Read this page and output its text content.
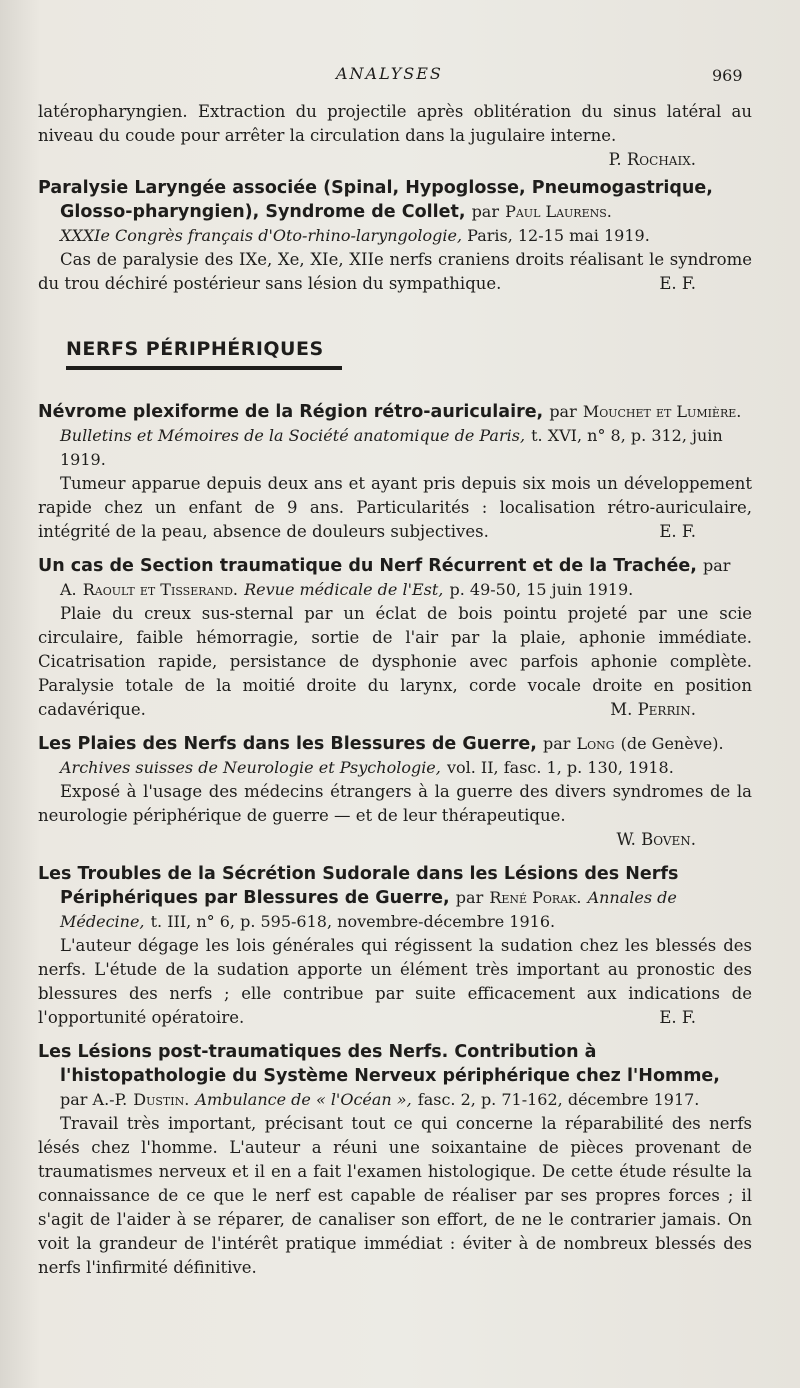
ANALYSES	969

latéropharyngien. Extraction du projectile après oblitération du sinus latéral au niveau du coude pour arrêter la circulation dans la jugulaire interne.

P. Rochaix.
Paralysie Laryngée associée (Spinal, Hypoglosse, Pneumogastrique, Glosso-pharyngien), Syndrome de Collet, par Paul Laurens.
XXXIe Congrès français d'Oto-rhino-laryngologie, Paris, 12-15 mai 1919.

Cas de paralysie des IXe, Xe, XIe, XIIe nerfs craniens droits réalisant le syndrome du trou déchiré postérieur sans lésion du sympathique.	E. F.

NERFS PÉRIPHÉRIQUES
Névrome plexiforme de la Région rétro-auriculaire, par Mouchet et Lumière. Bulletins et Mémoires de la Société anatomique de Paris, t. XVI, n° 8, p. 312, juin 1919.

Tumeur apparue depuis deux ans et ayant pris depuis six mois un développement rapide chez un enfant de 9 ans. Particularités : localisation rétro-auriculaire, intégrité de la peau, absence de douleurs subjectives.	E. F.

Un cas de Section traumatique du Nerf Récurrent et de la Trachée, par A. Raoult et Tisserand. Revue médicale de l'Est, p. 49-50, 15 juin 1919.

Plaie du creux sus-sternal par un éclat de bois pointu projeté par une scie circulaire, faible hémorragie, sortie de l'air par la plaie, aphonie immédiate. Cicatrisation rapide, persistance de dysphonie avec parfois aphonie complète. Paralysie totale de la moitié droite du larynx, corde vocale droite en position cadavérique.	M. Perrin.

Les Plaies des Nerfs dans les Blessures de Guerre, par Long (de Genève). Archives suisses de Neurologie et Psychologie, vol. II, fasc. 1, p. 130, 1918.

Exposé à l'usage des médecins étrangers à la guerre des divers syndromes de la neurologie périphérique de guerre — et de leur thérapeutique.

W. Boven.
Les Troubles de la Sécrétion Sudorale dans les Lésions des Nerfs Périphériques par Blessures de Guerre, par René Porak. Annales de Médecine, t. III, n° 6, p. 595-618, novembre-décembre 1916.

L'auteur dégage les lois générales qui régissent la sudation chez les blessés des nerfs. L'étude de la sudation apporte un élément très important au pronostic des blessures des nerfs ; elle contribue par suite efficacement aux indications de l'opportunité opératoire.	E. F.

Les Lésions post-traumatiques des Nerfs. Contribution à l'histopathologie du Système Nerveux périphérique chez l'Homme, par A.-P. Dustin. Ambulance de « l'Océan », fasc. 2, p. 71-162, décembre 1917.

Travail très important, précisant tout ce qui concerne la réparabilité des nerfs lésés chez l'homme. L'auteur a réuni une soixantaine de pièces provenant de traumatismes nerveux et il en a fait l'examen histologique. De cette étude résulte la connaissance de ce que le nerf est capable de réaliser par ses propres forces ; il s'agit de l'aider à se réparer, de canaliser son effort, de ne le contrarier jamais. On voit la grandeur de l'intérêt pratique immédiat : éviter à de nombreux blessés des nerfs l'infirmité définitive.
